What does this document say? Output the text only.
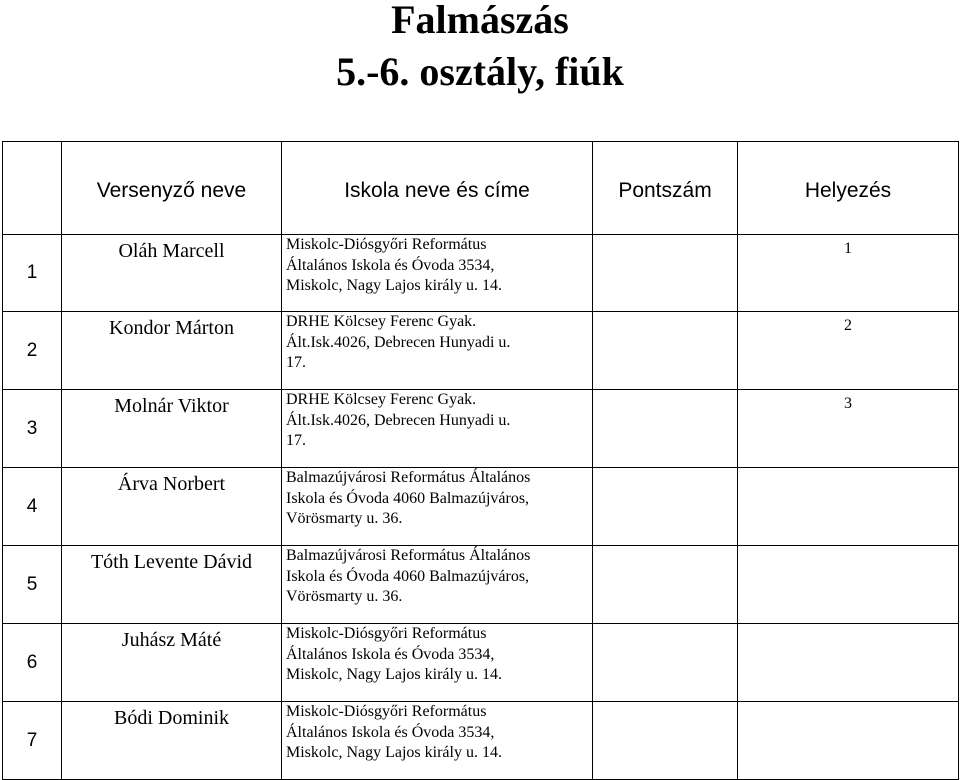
Falmászás
5.-6. osztály, fiúk
	Versenyző neve	Iskola neve és címe	Pontszám	Helyezés
1	Oláh Marcell	Miskolc-Diósgyőri Református
Általános Iskola és Óvoda 3534,
Miskolc, Nagy Lajos király u. 14.		1
2	Kondor Márton	DRHE Kölcsey Ferenc Gyak.
Ált.Isk.4026, Debrecen Hunyadi u.
17.		2
3	Molnár Viktor	DRHE Kölcsey Ferenc Gyak.
Ált.Isk.4026, Debrecen Hunyadi u.
17.		3
4	Árva Norbert	Balmazújvárosi Református Általános
Iskola és Óvoda 4060 Balmazújváros,
Vörösmarty u. 36.		

5	Tóth Levente Dávid	Balmazújvárosi Református Általános
Iskola és Óvoda 4060 Balmazújváros,
Vörösmarty u. 36.		

6	Juhász Máté	Miskolc-Diósgyőri Református
Általános Iskola és Óvoda 3534,
Miskolc, Nagy Lajos király u. 14.		

7	Bódi Dominik	Miskolc-Diósgyőri Református
Általános Iskola és Óvoda 3534,
Miskolc, Nagy Lajos király u. 14.		
